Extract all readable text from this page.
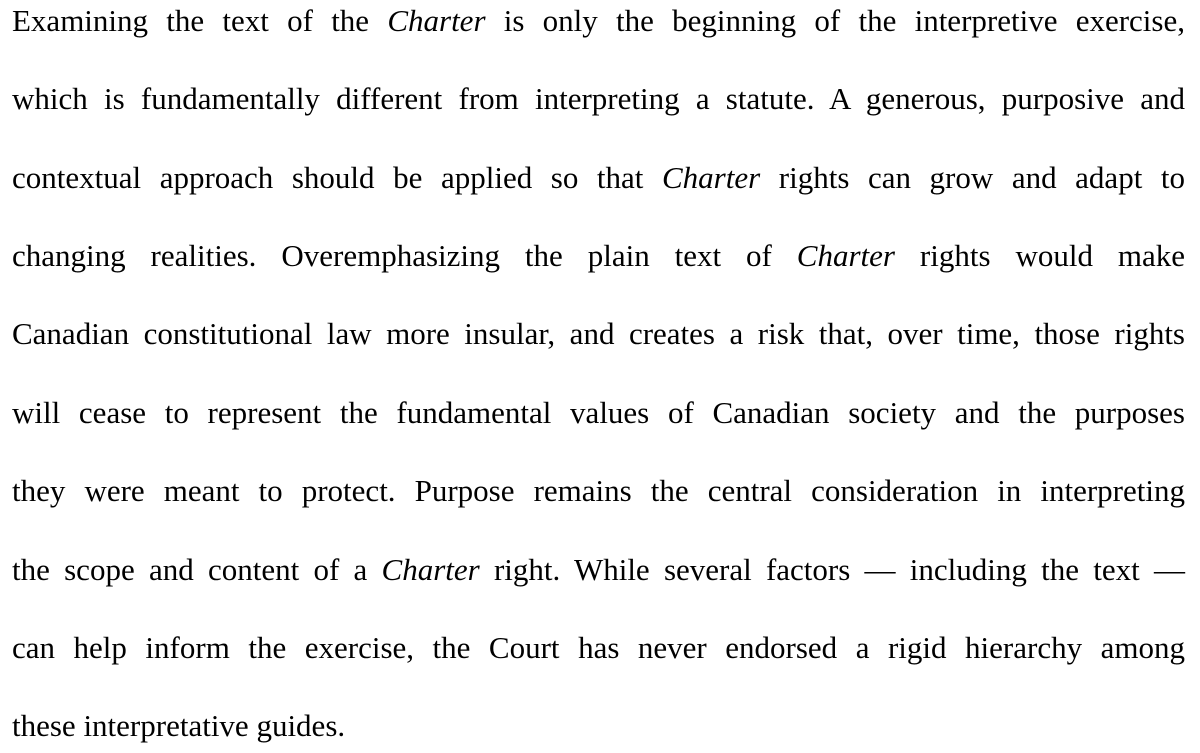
Examining the text of the Charter is only the beginning of the interpretive exercise,
which is fundamentally different from interpreting a statute. A generous, purposive and
contextual approach should be applied so that Charter rights can grow and adapt to
changing realities. Overemphasizing the plain text of Charter rights would make
Canadian constitutional law more insular, and creates a risk that, over time, those rights
will cease to represent the fundamental values of Canadian society and the purposes
they were meant to protect. Purpose remains the central consideration in interpreting
the scope and content of a Charter right. While several factors — including the text —
can help inform the exercise, the Court has never endorsed a rigid hierarchy among
these interpretative guides.
